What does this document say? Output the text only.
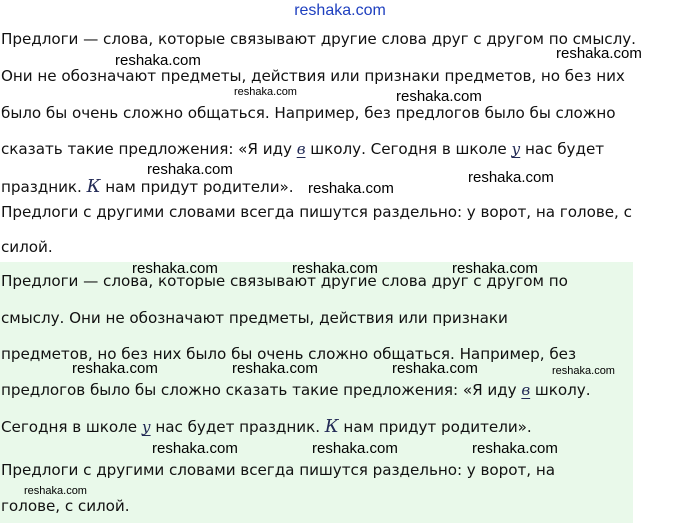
reshaka.com
Предлоги — слова, которые связывают другие слова друг с другом по смыслу.
Они не обозначают предметы, действия или признаки предметов, но без них
было бы очень сложно общаться. Например, без предлогов было бы сложно
сказать такие предложения: «Я иду в школу. Сегодня в школе у нас будет
праздник. К нам придут родители».
Предлоги с другими словами всегда пишутся раздельно: у ворот, на голове, с
силой.
Предлоги — слова, которые связывают другие слова друг с другом по
смыслу. Они не обозначают предметы, действия или признаки
предметов, но без них было бы очень сложно общаться. Например, без
предлогов было бы сложно сказать такие предложения: «Я иду в школу.
Сегодня в школе у нас будет праздник. К нам придут родители».
Предлоги с другими словами всегда пишутся раздельно: у ворот, на
голове, с силой.
reshaka.com
reshaka.com
reshaka.com	reshaka.com
reshaka.com	reshaka.com
reshaka.com
reshaka.com	reshaka.com	reshaka.com
reshaka.com	reshaka.com	reshaka.com	reshaka.com
reshaka.com	reshaka.com	reshaka.com
reshaka.com
